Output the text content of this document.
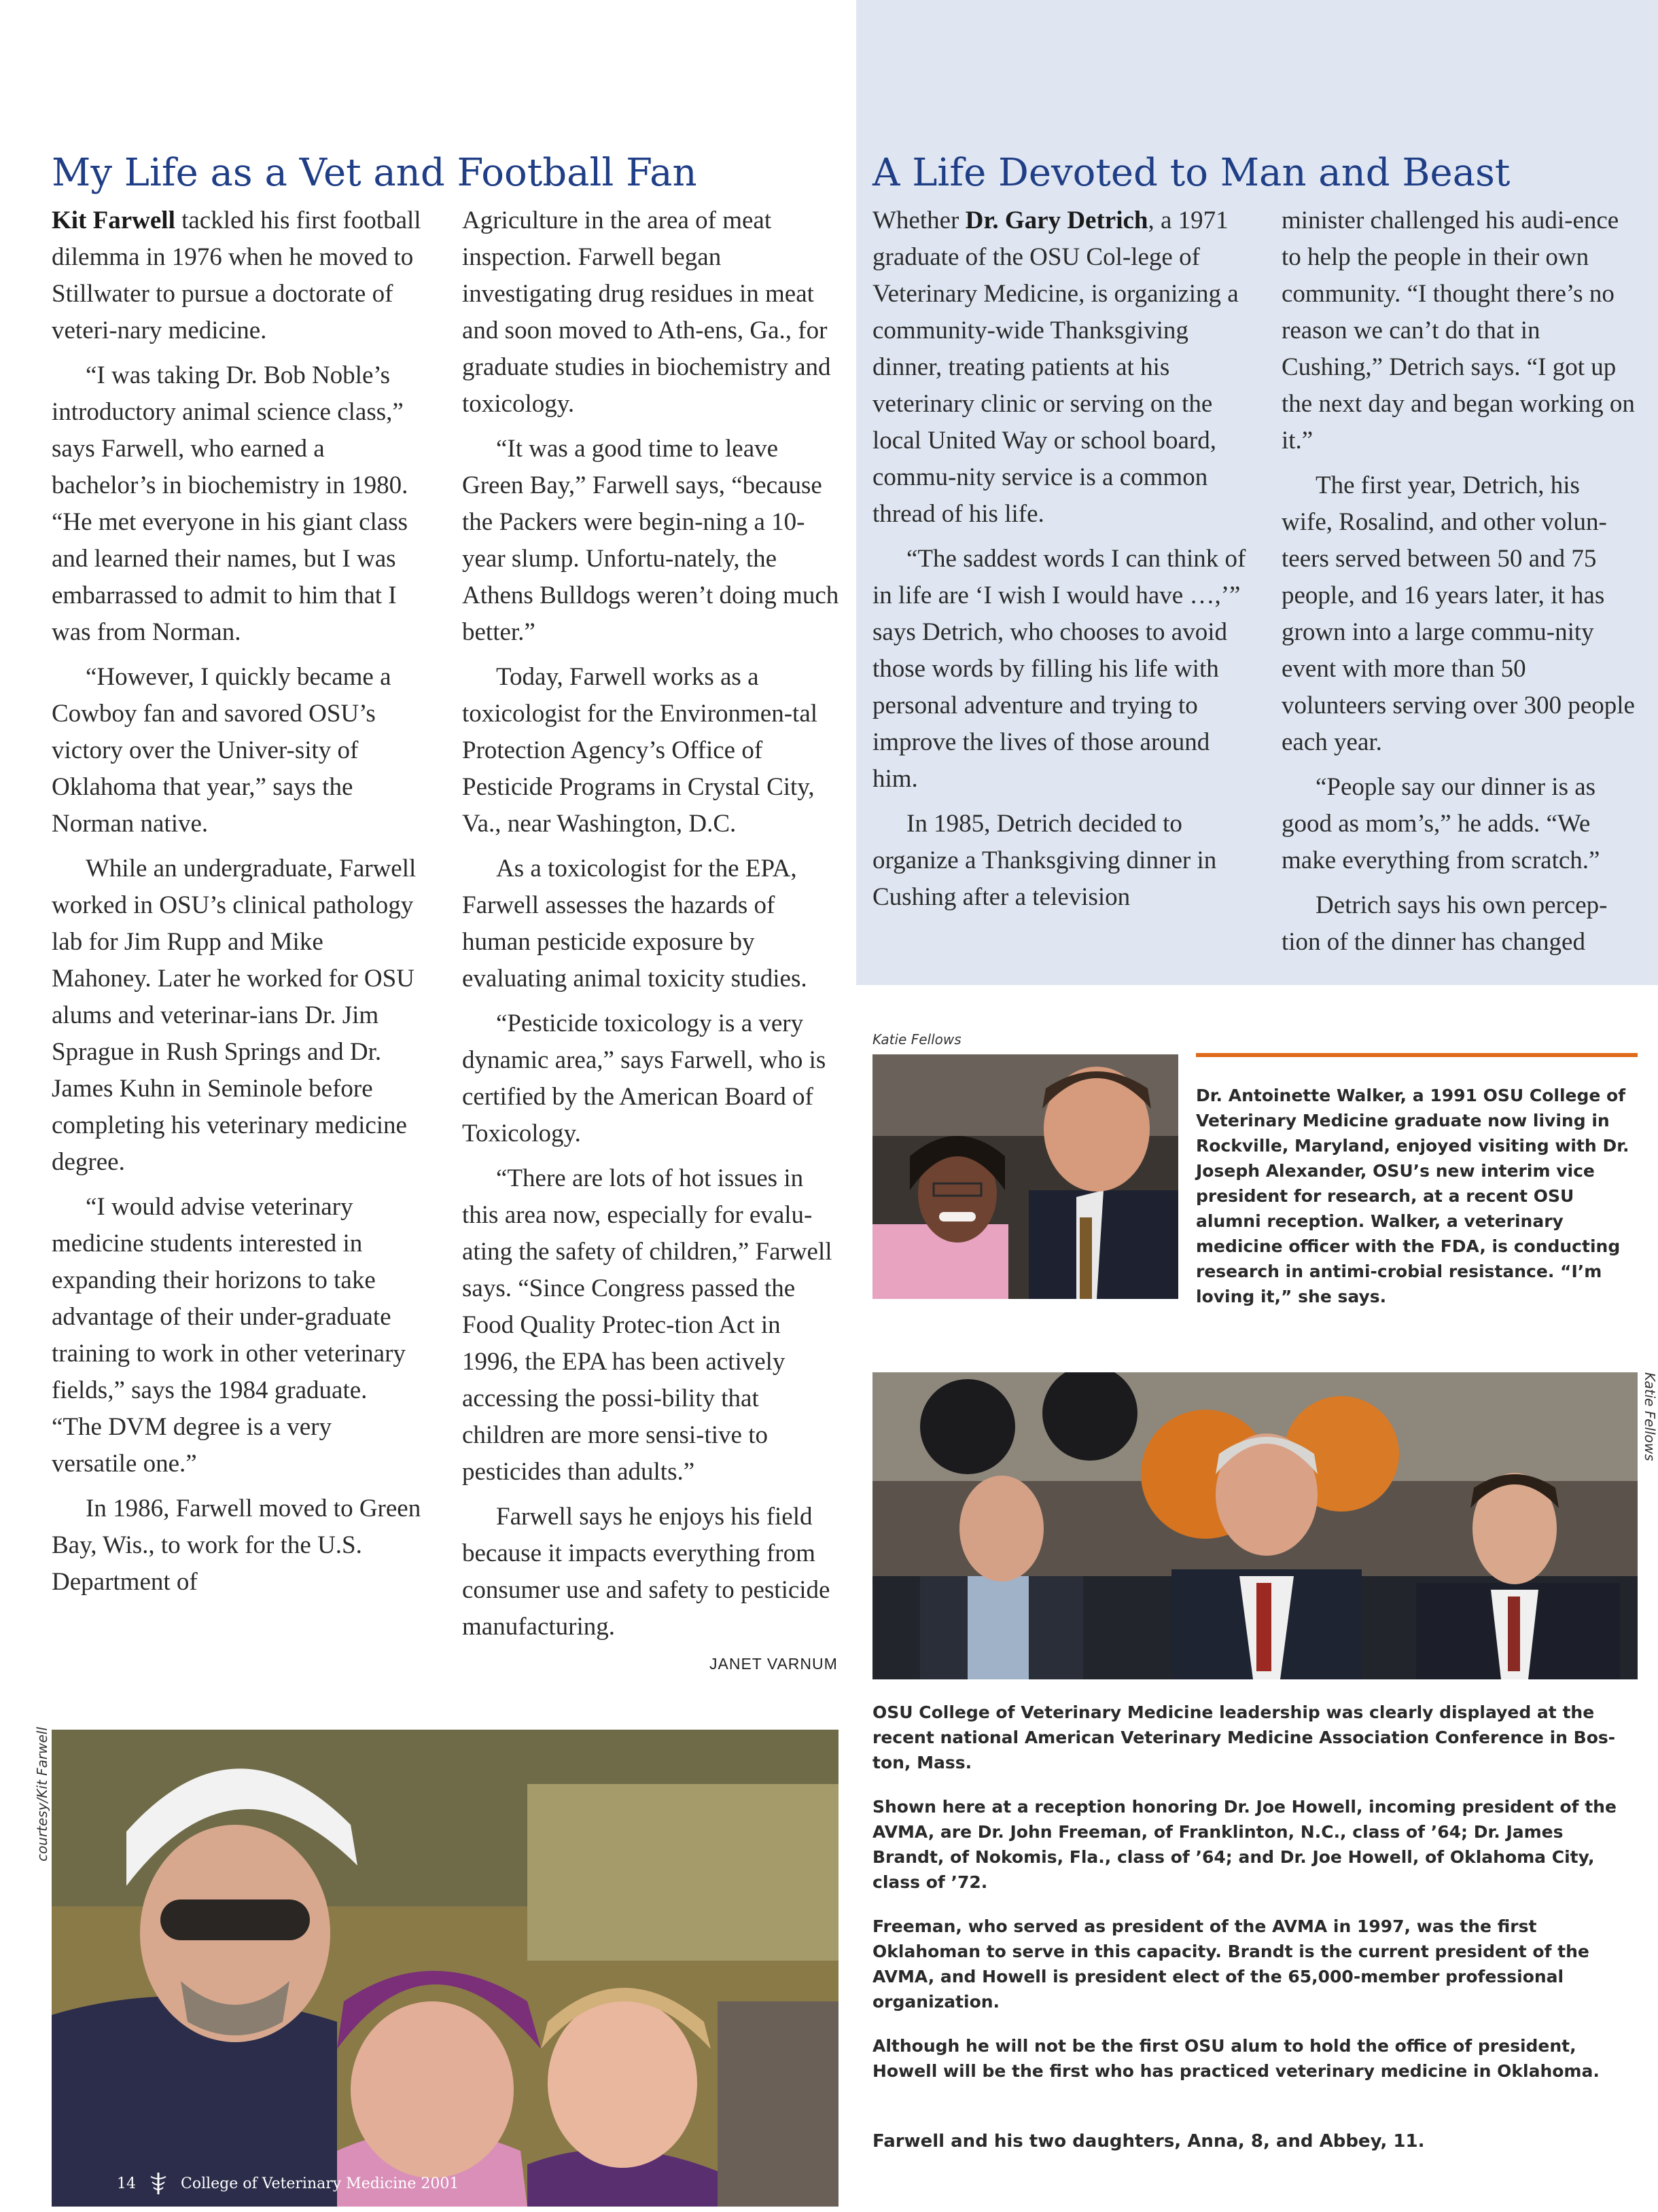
My Life as a Vet and Football Fan

Kit Farwell tackled his first football dilemma in 1976 when he moved to Stillwater to pursue a doctorate of veteri-nary medicine.

“I was taking Dr. Bob Noble’s introductory animal science class,” says Farwell, who earned a bachelor’s in biochemistry in 1980. “He met everyone in his giant class and learned their names, but I was embarrassed to admit to him that I was from Norman.

“However, I quickly became a Cowboy fan and savored OSU’s victory over the Univer-sity of Oklahoma that year,” says the Norman native.

While an undergraduate, Farwell worked in OSU’s clinical pathology lab for Jim Rupp and Mike Mahoney. Later he worked for OSU alums and veterinar-ians Dr. Jim Sprague in Rush Springs and Dr. James Kuhn in Seminole before completing his veterinary medicine degree.

“I would advise veterinary medicine students interested in expanding their horizons to take advantage of their under-graduate training to work in other veterinary fields,” says the 1984 graduate. “The DVM degree is a very versatile one.”

In 1986, Farwell moved to Green Bay, Wis., to work for the U.S. Department of

Agriculture in the area of meat inspection. Farwell began investigating drug residues in meat and soon moved to Ath-ens, Ga., for graduate studies in biochemistry and toxicology.

“It was a good time to leave Green Bay,” Farwell says, “because the Packers were begin-ning a 10-year slump. Unfortu-nately, the Athens Bulldogs weren’t doing much better.”

Today, Farwell works as a toxicologist for the Environmen-tal Protection Agency’s Office of Pesticide Programs in Crystal City, Va., near Washington, D.C.

As a toxicologist for the EPA, Farwell assesses the hazards of human pesticide exposure by evaluating animal toxicity studies.

“Pesticide toxicology is a very dynamic area,” says Farwell, who is certified by the American Board of Toxicology.

“There are lots of hot issues in this area now, especially for evalu-ating the safety of children,” Farwell says. “Since Congress passed the Food Quality Protec-tion Act in 1996, the EPA has been actively accessing the possi-bility that children are more sensi-tive to pesticides than adults.”

Farwell says he enjoys his field because it impacts everything from consumer use and safety to pesticide manufacturing.

JANET VARNUM
A Life Devoted to Man and Beast

Whether Dr. Gary Detrich, a 1971 graduate of the OSU Col-lege of Veterinary Medicine, is organizing a community-wide Thanksgiving dinner, treating patients at his veterinary clinic or serving on the local United Way or school board, commu-nity service is a common thread of his life.

“The saddest words I can think of in life are ‘I wish I would have …,’” says Detrich, who chooses to avoid those words by filling his life with personal adventure and trying to improve the lives of those around him.

In 1985, Detrich decided to organize a Thanksgiving dinner in Cushing after a television

minister challenged his audi-ence to help the people in their own community. “I thought there’s no reason we can’t do that in Cushing,” Detrich says. “I got up the next day and began working on it.”

The first year, Detrich, his wife, Rosalind, and other volun-teers served between 50 and 75 people, and 16 years later, it has grown into a large commu-nity event with more than 50 volunteers serving over 300 people each year.

“People say our dinner is as good as mom’s,” he adds. “We make everything from scratch.”

Detrich says his own percep-tion of the dinner has changed

Katie Fellows
Dr. Antoinette Walker, a 1991 OSU College of Veterinary Medicine graduate now living in Rockville, Maryland, enjoyed visiting with Dr. Joseph Alexander, OSU’s new interim vice president for research, at a recent OSU alumni reception. Walker, a veterinary medicine officer with the FDA, is conducting research in antimi-crobial resistance. “I’m loving it,” she says.
Katie Fellows

OSU College of Veterinary Medicine leadership was clearly displayed at the recent national American Veterinary Medicine Association Conference in Bos-ton, Mass.

Shown here at a reception honoring Dr. Joe Howell, incoming president of the AVMA, are Dr. John Freeman, of Franklinton, N.C., class of ’64; Dr. James Brandt, of Nokomis, Fla., class of ’64; and Dr. Joe Howell, of Oklahoma City, class of ’72.

Freeman, who served as president of the AVMA in 1997, was the first Oklahoman to serve in this capacity. Brandt is the current president of the AVMA, and Howell is president elect of the 65,000-member professional organization.

Although he will not be the first OSU alum to hold the office of president, Howell will be the first who has practiced veterinary medicine in Oklahoma.

courtesy/Kit Farwell
14	College of Veterinary Medicine 2001
Farwell and his two daughters, Anna, 8, and Abbey, 11.
